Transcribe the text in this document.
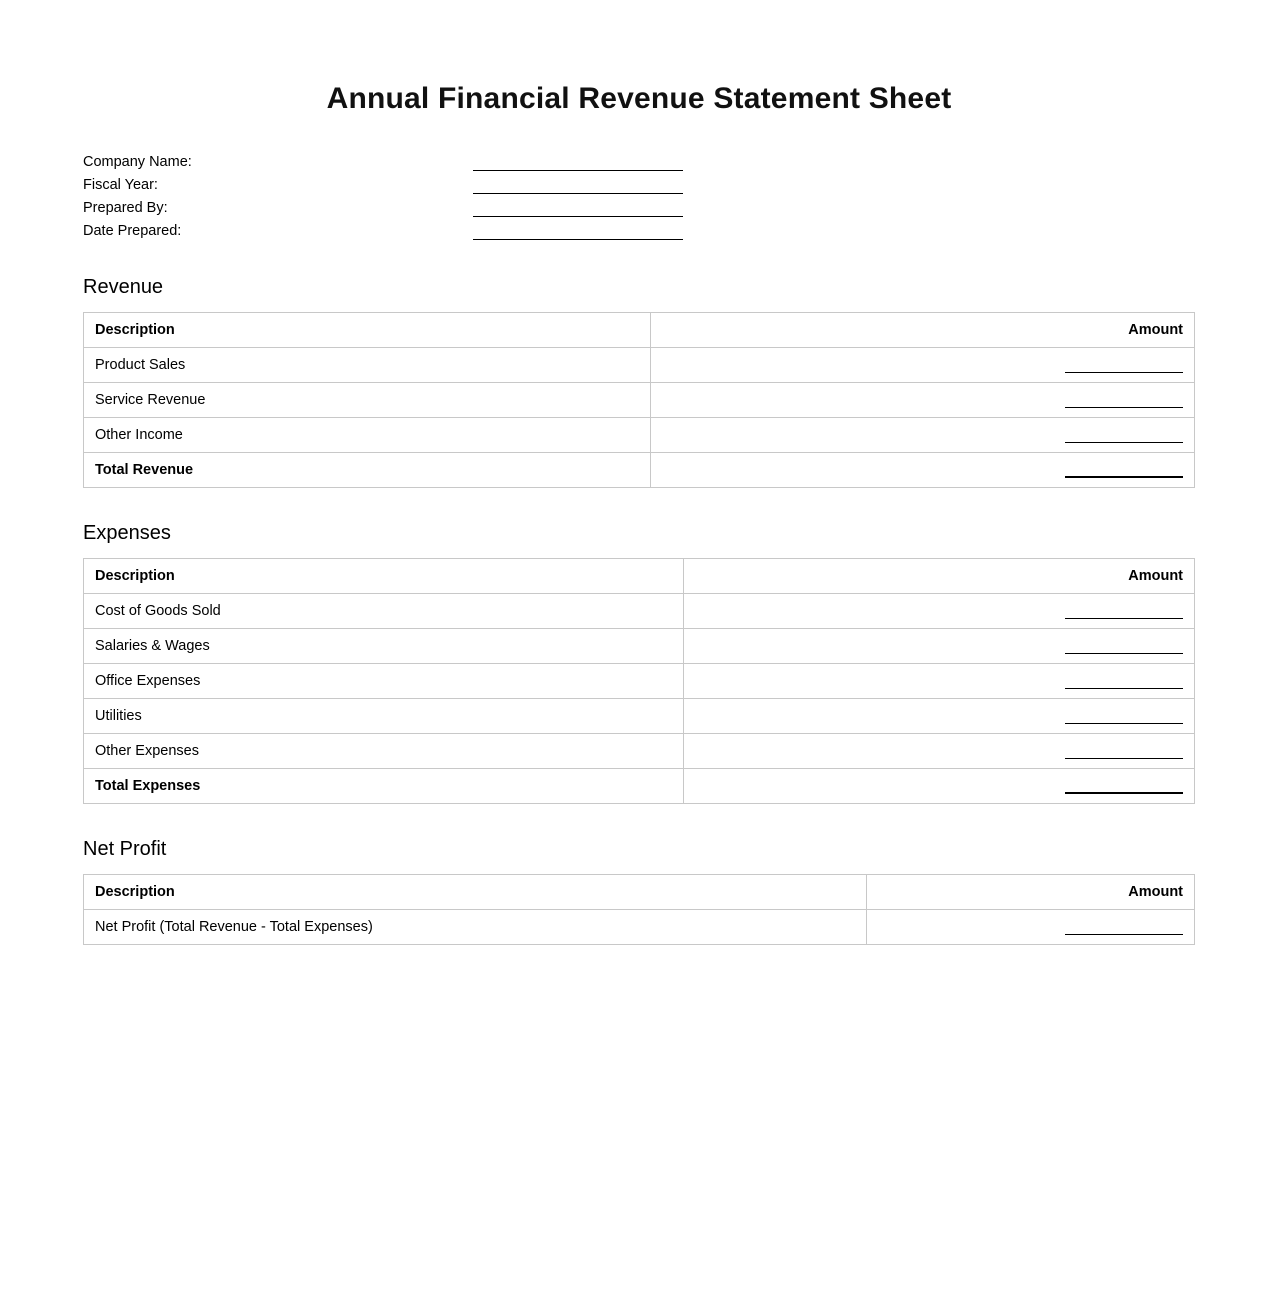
Annual Financial Revenue Statement Sheet
Company Name:
Fiscal Year:
Prepared By:
Date Prepared:
Revenue
Description	Amount
Product Sales	
Service Revenue	
Other Income	
Total Revenue	
Expenses
Description	Amount
Cost of Goods Sold	
Salaries & Wages	
Office Expenses	
Utilities	
Other Expenses	
Total Expenses	
Net Profit
Description	Amount
Net Profit (Total Revenue - Total Expenses)	
